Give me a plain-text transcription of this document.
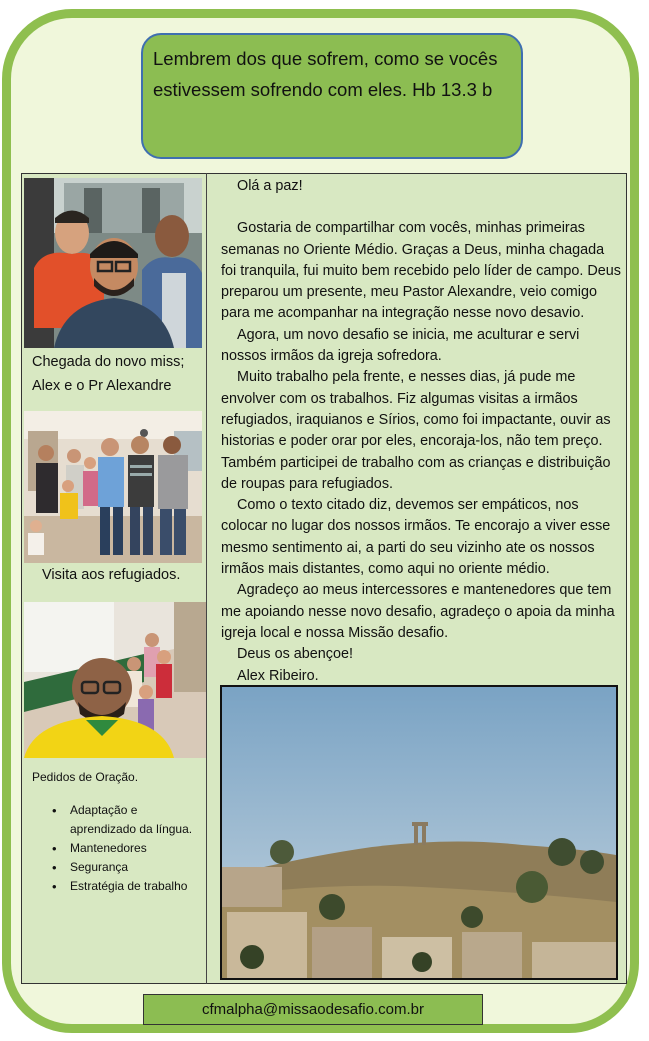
Lembrem dos que sofrem, como se vocês estivessem sofrendo com eles. Hb 13.3 b
Chegada do novo miss;
Alex e o Pr Alexandre
Visita aos refugiados.
Pedidos de Oração.
• Adaptação e aprendizado da língua.
• Mantenedores
• Segurança
• Estratégia de trabalho

Olá a paz!

Gostaria de compartilhar com vocês, minhas primeiras semanas no Oriente Médio. Graças a Deus, minha chagada foi tranquila, fui muito bem recebido pelo líder de campo. Deus preparou um presente, meu Pastor Alexandre, veio comigo para me acompanhar na integração nesse novo desavio.

Agora, um novo desafio se inicia, me aculturar e servi nossos irmãos da igreja sofredora.

Muito trabalho pela frente, e nesses dias, já pude me envolver com os trabalhos. Fiz algumas visitas a irmãos refugiados, iraquianos e Sírios, como foi impactante, ouvir as historias e poder orar por eles, encoraja-los, não tem preço. Também participei de trabalho com as crianças e distribuição de roupas para refugiados.

Como o texto citado diz, devemos ser empáticos, nos colocar no lugar dos nossos irmãos. Te encorajo a viver esse mesmo sentimento ai, a parti do seu vizinho ate os nossos irmãos mais distantes, como aqui no oriente médio.

Agradeço ao meus intercessores e mantenedores que tem me apoiando nesse novo desafio, agradeço o apoia da minha igreja local e nossa Missão desafio.

Deus os abençoe!

Alex Ribeiro.

cfmalpha@missaodesafio.com.br
